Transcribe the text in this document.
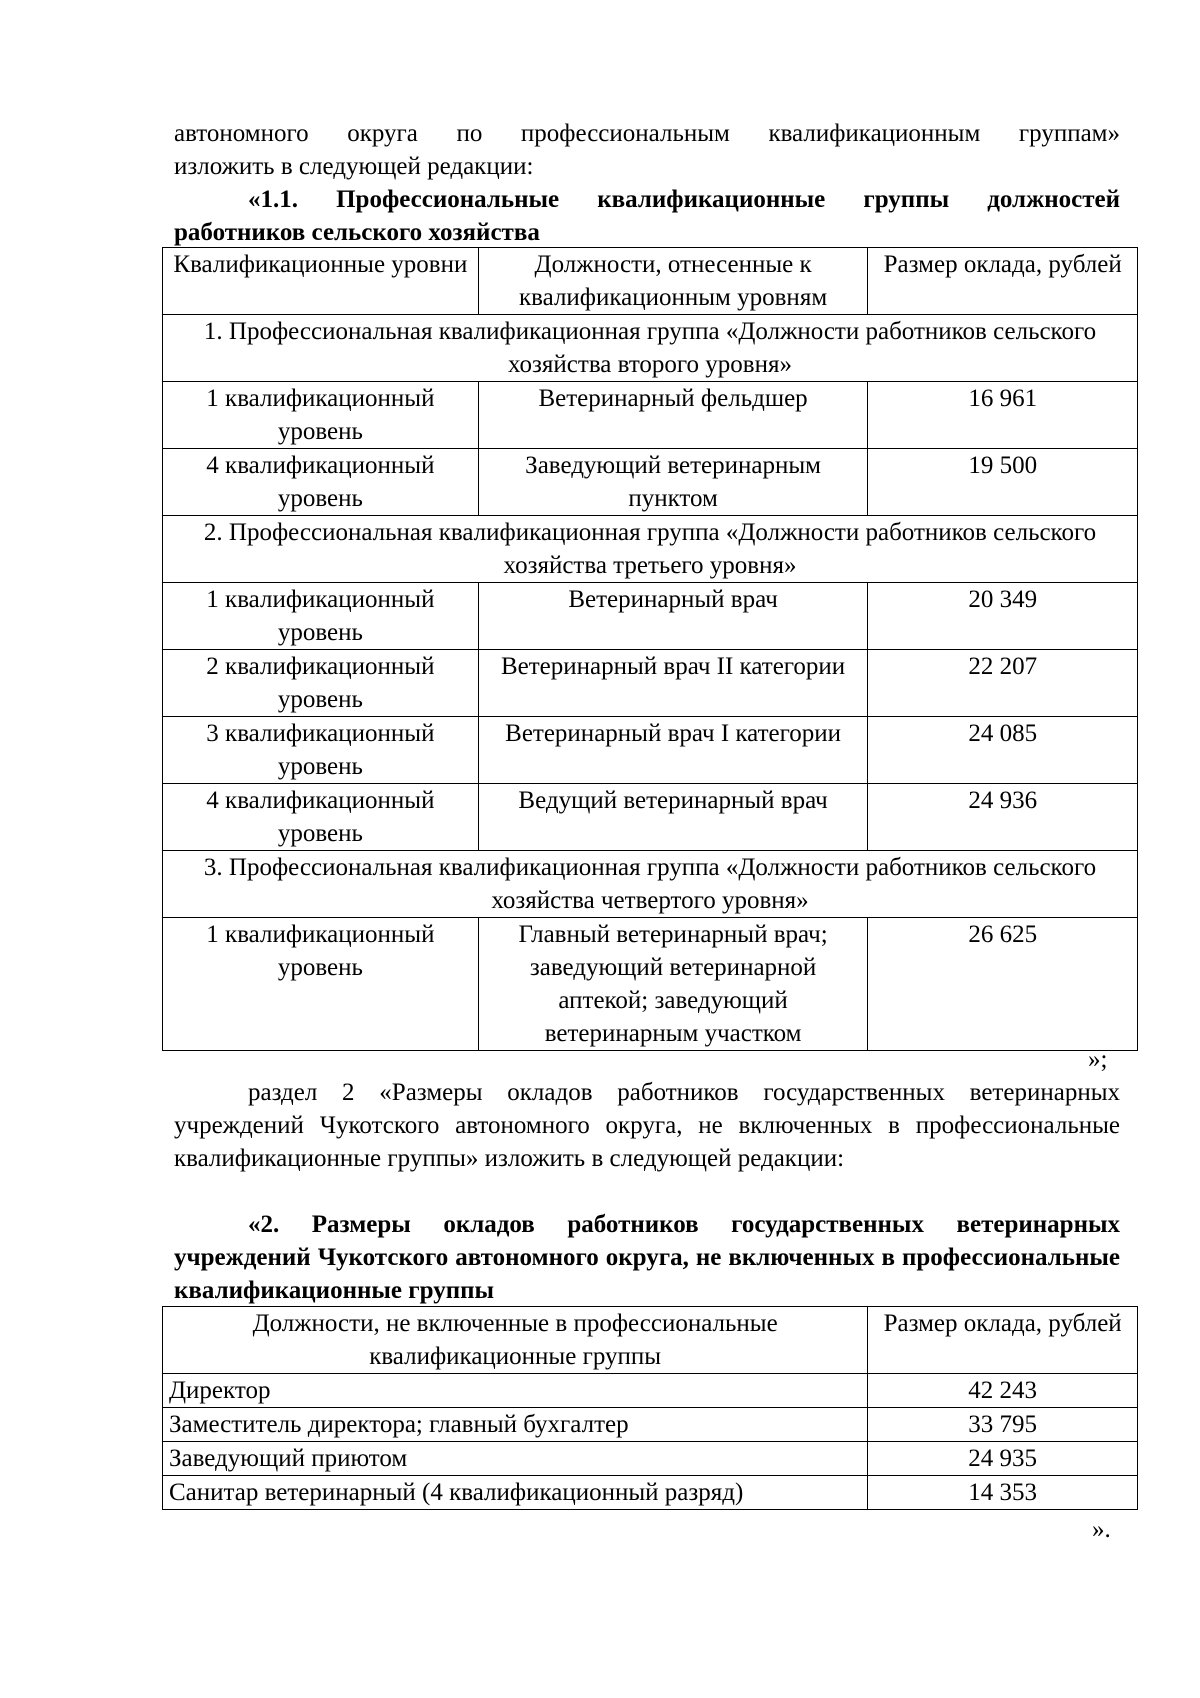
автономного округа по профессиональным квалификационным группам»
изложить в следующей редакции:
«1.1. Профессиональные квалификационные группы должностей
работников сельского хозяйства
Квалификационные уровни	Должности, отнесенные к квалификационным уровням	Размер оклада, рублей
1. Профессиональная квалификационная группа «Должности работников сельского хозяйства второго уровня»		
1 квалификационный уровень	Ветеринарный фельдшер	16 961
4 квалификационный уровень	Заведующий ветеринарным пунктом	19 500
2. Профессиональная квалификационная группа «Должности работников сельского хозяйства третьего уровня»		
1 квалификационный уровень	Ветеринарный врач	20 349
2 квалификационный уровень	Ветеринарный врач II категории	22 207
3 квалификационный уровень	Ветеринарный врач I категории	24 085
4 квалификационный уровень	Ведущий ветеринарный врач	24 936
3. Профессиональная квалификационная группа «Должности работников сельского хозяйства четвертого уровня»		
1 квалификационный уровень	Главный ветеринарный врач; заведующий ветеринарной аптекой; заведующий ветеринарным участком	26 625
»;
раздел 2 «Размеры окладов работников государственных ветеринарных учреждений Чукотского автономного округа, не включенных в профессиональные квалификационные группы» изложить в следующей редакции:
«2. Размеры окладов работников государственных ветеринарных учреждений Чукотского автономного округа, не включенных в профессиональные квалификационные группы
Должности, не включенные в профессиональные квалификационные группы	Размер оклада, рублей
Директор	42 243
Заместитель директора; главный бухгалтер	33 795
Заведующий приютом	24 935
Санитар ветеринарный (4 квалификационный разряд)	14 353
».
